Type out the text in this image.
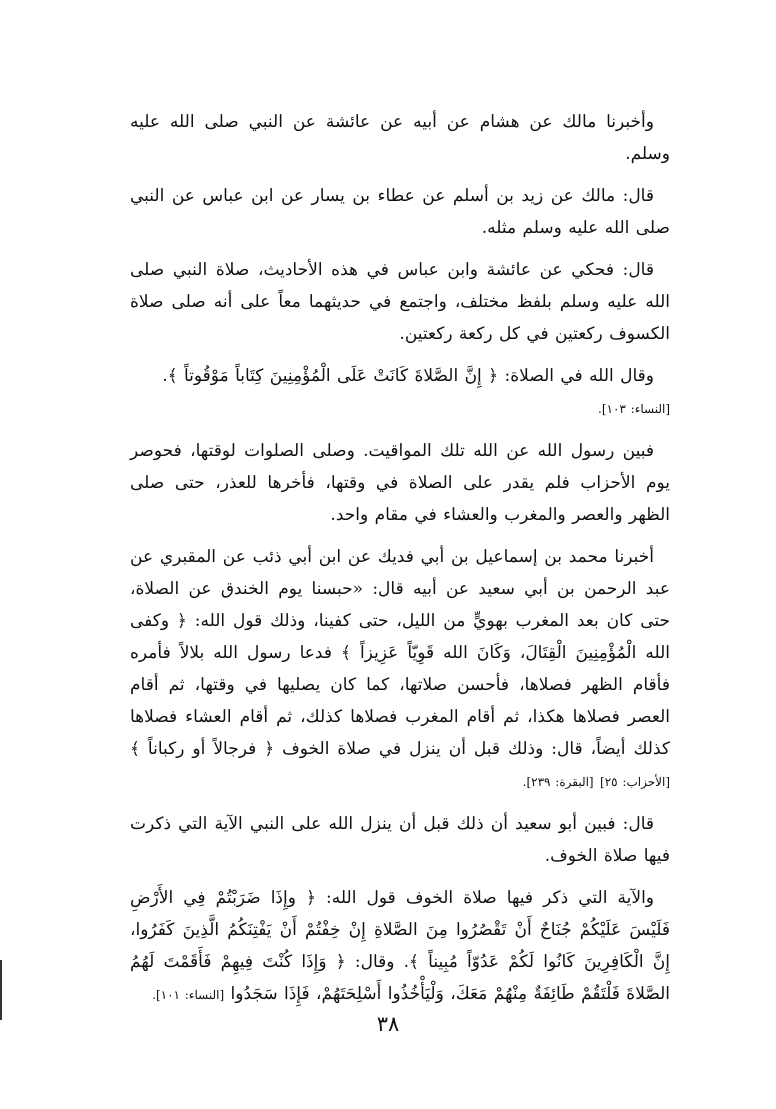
وأخبرنا مالك عن هشام عن أبيه عن عائشة عن النبي صلى الله عليه وسلم.

قال: مالك عن زيد بن أسلم عن عطاء بن يسار عن ابن عباس عن النبي صلى الله عليه وسلم مثله.

قال: فحكي عن عائشة وابن عباس في هذه الأحاديث، صلاة النبي صلى الله عليه وسلم بلفظ مختلف، واجتمع في حديثهما معاً على أنه صلى صلاة الكسوف ركعتين في كل ركعة ركعتين.

وقال الله في الصلاة: ﴿ إِنَّ الصَّلاةَ كَانَتْ عَلَى الْمُؤْمِنِينَ كِتَاباً مَوْقُوتاً ﴾.
[النساء: ١٠٣].

فبين رسول الله عن الله تلك المواقيت. وصلى الصلوات لوقتها، فحوصر يوم الأحزاب فلم يقدر على الصلاة في وقتها، فأخرها للعذر، حتى صلى الظهر والعصر والمغرب والعشاء في مقام واحد.

أخبرنا محمد بن إسماعيل بن أبي فديك عن ابن أبي ذئب عن المقبري عن عبد الرحمن بن أبي سعيد عن أبيه قال: «حبسنا يوم الخندق عن الصلاة، حتى كان بعد المغرب بهويٍّ من الليل، حتى كفينا، وذلك قول الله: ﴿ وكفى الله الْمُؤْمِنِينَ الْقِتَالَ، وَكَانَ الله قَوِيّاً عَزِيزاً ﴾ فدعا رسول الله بلالاً فأمره فأقام الظهر فصلاها، فأحسن صلاتها، كما كان يصليها في وقتها، ثم أقام العصر فصلاها هكذا، ثم أقام المغرب فصلاها كذلك، ثم أقام العشاء فصلاها كذلك أيضاً، قال: وذلك قبل أن ينزل في صلاة الخوف ﴿ فرجالاً أو ركباناً ﴾ [الأحزاب: ٢٥] [البقرة: ٢٣٩].

قال: فبين أبو سعيد أن ذلك قبل أن ينزل الله على النبي الآية التي ذكرت فيها صلاة الخوف.

والآية التي ذكر فيها صلاة الخوف قول الله: ﴿ وإِذَا ضَرَبْتُمْ فِي الأَرْضِ فَلَيْسَ عَلَيْكُمْ جُنَاحٌ أَنْ تَقْصُرُوا مِنَ الصَّلاةِ إِنْ خِفْتُمْ أَنْ يَفْتِنَكُمُ الَّذِينَ كَفَرُوا، إِنَّ الْكَافِرِينَ كَانُوا لَكُمْ عَدُوّاً مُبِيناً ﴾. وقال: ﴿ وَإِذَا كُنْتَ فِيهِمْ فَأَقَمْتَ لَهُمُ الصَّلاةَ فَلْتَقُمْ طَائِفَةٌ مِنْهُمْ مَعَكَ، وَلْيَأْخُذُوا أَسْلِحَتَهُمْ، فَإِذَا سَجَدُوا [النساء: ١٠١].

٣٨
